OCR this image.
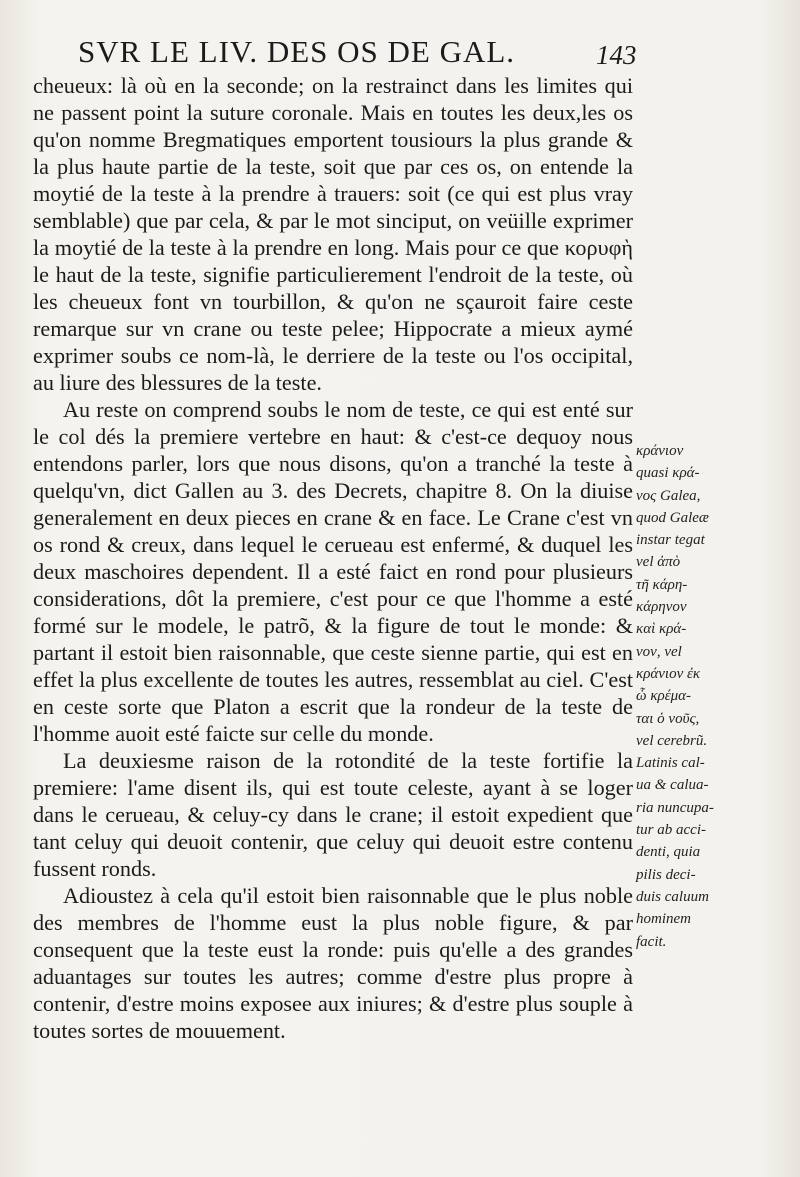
SVR LE LIV. DES OS DE GAL.	143

cheueux: là où en la seconde; on la restrainct dans les limites qui ne passent point la suture coronale. Mais en toutes les deux,les os qu'on nomme Bregmatiques emportent tousiours la plus grande & la plus haute partie de la teste, soit que par ces os, on entende la moytié de la teste à la prendre à trauers: soit (ce qui est plus vray semblable) que par cela, & par le mot sinciput, on veüille exprimer la moytié de la teste à la prendre en long. Mais pour ce que κορυφὴ le haut de la teste, signifie particulierement l'endroit de la teste, où les cheueux font vn tourbillon, & qu'on ne sçauroit faire ceste remarque sur vn crane ou teste pelee; Hippocrate a mieux aymé exprimer soubs ce nom-là, le derriere de la teste ou l'os occipital, au liure des blessures de la teste.

Au reste on comprend soubs le nom de teste, ce qui est enté sur le col dés la premiere vertebre en haut: & c'est-ce dequoy nous entendons parler, lors que nous disons, qu'on a tranché la teste à quelqu'vn, dict Gallen au 3. des Decrets, chapitre 8. On la diuise generalement en deux pieces en crane & en face. Le Crane c'est vn os rond & creux, dans lequel le cerueau est enfermé, & duquel les deux maschoires dependent. Il a esté faict en rond pour plusieurs considerations, dôt la premiere, c'est pour ce que l'homme a esté formé sur le modele, le patrõ, & la figure de tout le monde: & partant il estoit bien raisonnable, que ceste sienne partie, qui est en effet la plus excellente de toutes les autres, ressemblat au ciel. C'est en ceste sorte que Platon a escrit que la rondeur de la teste de l'homme auoit esté faicte sur celle du monde.

La deuxiesme raison de la rotondité de la teste fortifie la premiere: l'ame disent ils, qui est toute celeste, ayant à se loger dans le cerueau, & celuy-cy dans le crane; il estoit expedient que tant celuy qui deuoit contenir, que celuy qui deuoit estre contenu fussent ronds.

Adioustez à cela qu'il estoit bien raisonnable que le plus noble des membres de l'homme eust la plus noble figure, & par consequent que la teste eust la ronde: puis qu'elle a des grandes aduantages sur toutes les autres; comme d'estre plus propre à contenir, d'estre moins exposee aux iniures; & d'estre plus souple à toutes sortes de mouuement.

κράνιον
quasi κρά-
νος Galea,
quod Galeæ
instar tegat
vel ἀπὸ
τῆ κάρη-
κάρηνον
καὶ κρά-
νον, vel
κράνιον ἐκ
ὧ κρέμα-
ται ὁ νοῦς,
vel cerebrũ.
Latinis cal-
ua & calua-
ria nuncupa-
tur ab acci-
denti, quia
pilis deci-
duis caluum
hominem
facit.
